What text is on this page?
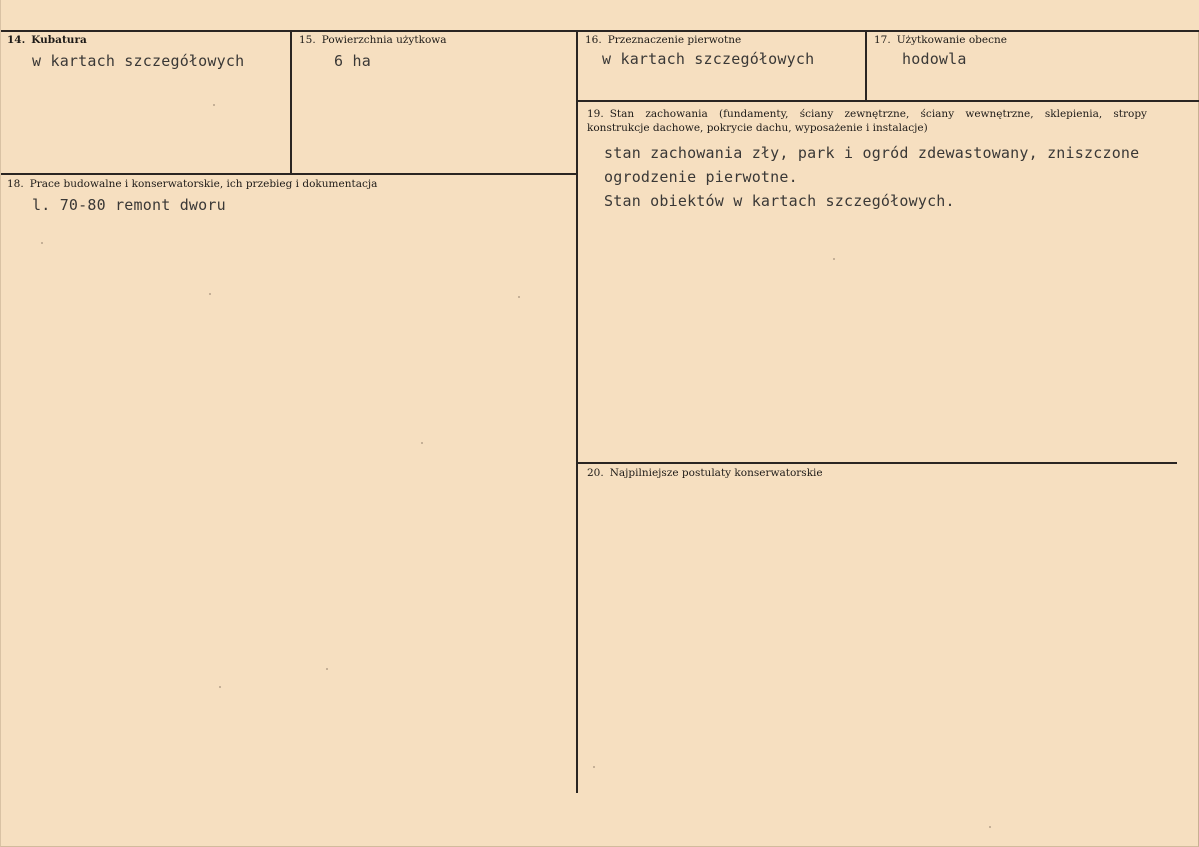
14. Kubatura
w kartach szczegółowych
15. Powierzchnia użytkowa
6 ha
16. Przeznaczenie pierwotne
w kartach szczegółowych
17. Użytkowanie obecne
hodowla
18. Prace budowalne i konserwatorskie, ich przebieg i dokumentacja
l. 70-80 remont dworu
19. Stan zachowania (fundamenty, ściany zewnętrzne, ściany wewnętrzne, sklepienia, stropy konstrukcje dachowe, pokrycie dachu, wyposażenie i instalacje)
stan zachowania zły, park i ogród zdewastowany, zniszczone
ogrodzenie pierwotne.
Stan obiektów w kartach szczegółowych.
20. Najpilniejsze postulaty konserwatorskie
